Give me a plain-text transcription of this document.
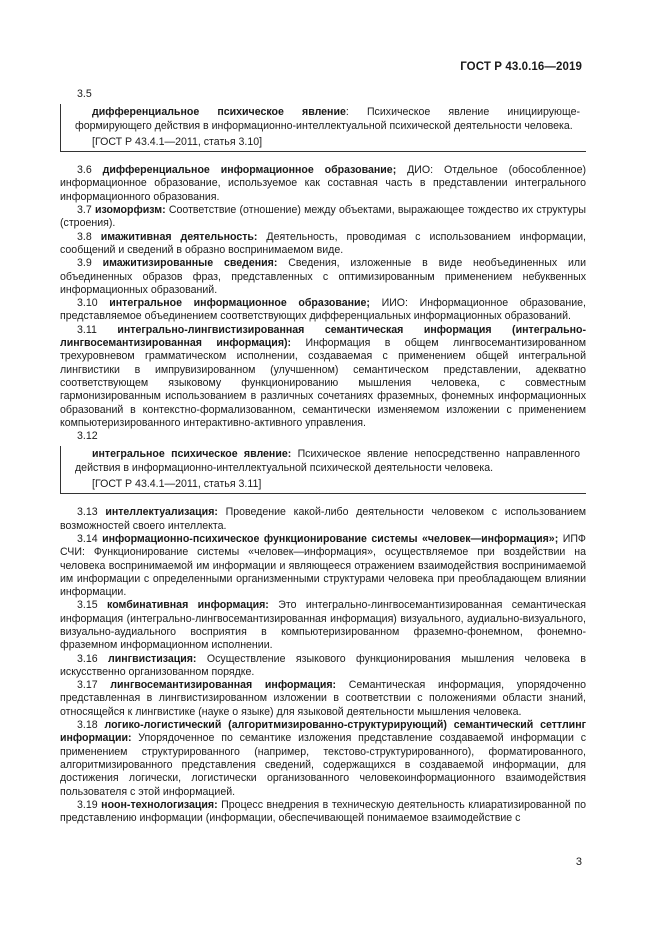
ГОСТ Р 43.0.16—2019

3.5

дифференциальное психическое явление: Психическое явление инициирующе-формирующего действия в информационно-интеллектуальной психической деятельности человека.

[ГОСТ Р 43.4.1—2011, статья 3.10]

3.6 дифференциальное информационное образование; ДИО: Отдельное (обособленное) информационное образование, используемое как составная часть в представлении интегрального информационного образования.

3.7 изоморфизм: Соответствие (отношение) между объектами, выражающее тождество их структуры (строения).

3.8 имажитивная деятельность: Деятельность, проводимая с использованием информации, сообщений и сведений в образно воспринимаемом виде.

3.9 имажитизированные сведения: Сведения, изложенные в виде необъединенных или объединенных образов фраз, представленных с оптимизированным применением небуквенных информационных образований.

3.10 интегральное информационное образование; ИИО: Информационное образование, представляемое объединением соответствующих дифференциальных информационных образований.

3.11 интегрально-лингвистизированная семантическая информация (интегрально-лингвосемантизированная информация): Информация в общем лингвосемантизированном трехуровневом грамматическом исполнении, создаваемая с применением общей интегральной лингвистики в импрувизированном (улучшенном) семантическом представлении, адекватно соответствующем языковому функционированию мышления человека, с совместным гармонизированным использованием в различных сочетаниях фраземных, фонемных информационных образований в контекстно-формализованном, семантически изменяемом изложении с применением компьютеризированного интерактивно-активного управления.

3.12

интегральное психическое явление: Психическое явление непосредственно направленного действия в информационно-интеллектуальной психической деятельности человека.

[ГОСТ Р 43.4.1—2011, статья 3.11]

3.13 интеллектуализация: Проведение какой-либо деятельности человеком с использованием возможностей своего интеллекта.

3.14 информационно-психическое функционирование системы «человек—информация»; ИПФ СЧИ: Функционирование системы «человек—информация», осуществляемое при воздействии на человека воспринимаемой им информации и являющееся отражением взаимодействия воспринимаемой им информации с определенными организменными структурами человека при преобладающем влиянии информации.

3.15 комбинативная информация: Это интегрально-лингвосемантизированная семантическая информация (интегрально-лингвосемантизированная информация) визуального, аудиально-визуального, визуально-аудиального восприятия в компьютеризированном фраземно-фонемном, фонемно-фраземном информационном исполнении.

3.16 лингвистизация: Осуществление языкового функционирования мышления человека в искусственно организованном порядке.

3.17 лингвосемантизированная информация: Семантическая информация, упорядоченно представленная в лингвистизированном изложении в соответствии с положениями области знаний, относящейся к лингвистике (науке о языке) для языковой деятельности мышления человека.

3.18 логико-логистический (алгоритмизированно-структурирующий) семантический сеттлинг информации: Упорядоченное по семантике изложения представление создаваемой информации с применением структурированного (например, текстово-структурированного), форматированного, алгоритмизированного представления сведений, содержащихся в создаваемой информации, для достижения логически, логистически организованного человекоинформационного взаимодействия пользователя с этой информацией.

3.19 ноон-технологизация: Процесс внедрения в техническую деятельность клиаратизированной по представлению информации (информации, обеспечивающей понимаемое взаимодействие с

3
